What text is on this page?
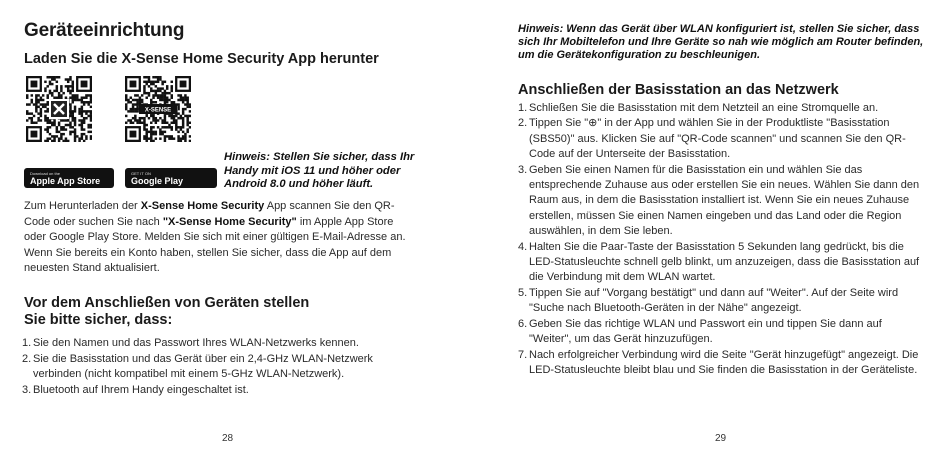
Geräteeinrichtung
Laden Sie die X-Sense Home Security App herunter
X-SENSE
Download on the
Apple App Store
GET IT ON
Google Play
Hinweis: Stellen Sie sicher, dass Ihr Handy mit iOS 11 und höher oder Android 8.0 und höher läuft.
Zum Herunterladen der X-Sense Home Security App scannen Sie den QR-Code oder suchen Sie nach "X-Sense Home Security" im Apple App Store oder Google Play Store. Melden Sie sich mit einer gültigen E-Mail-Adresse an. Wenn Sie bereits ein Konto haben, stellen Sie sicher, dass die App auf dem neuesten Stand aktualisiert.
Vor dem Anschließen von Geräten stellen
Sie bitte sicher, dass:
1. Sie den Namen und das Passwort Ihres WLAN-Netzwerks kennen.
2. Sie die Basisstation und das Gerät über ein 2,4-GHz WLAN-Netzwerk verbinden (nicht kompatibel mit einem 5-GHz WLAN-Netzwerk).
3. Bluetooth auf Ihrem Handy eingeschaltet ist.
28
Hinweis: Wenn das Gerät über WLAN konfiguriert ist, stellen Sie sicher, dass sich Ihr Mobiltelefon und Ihre Geräte so nah wie möglich am Router befinden, um die Gerätekonfiguration zu beschleunigen.
Anschließen der Basisstation an das Netzwerk
1. Schließen Sie die Basisstation mit dem Netzteil an eine Stromquelle an.
2. Tippen Sie "⊕" in der App und wählen Sie in der Produktliste "Basisstation (SBS50)" aus. Klicken Sie auf "QR-Code scannen" und scannen Sie den QR-Code auf der Unterseite der Basisstation.
3. Geben Sie einen Namen für die Basisstation ein und wählen Sie das entsprechende Zuhause aus oder erstellen Sie ein neues. Wählen Sie dann den Raum aus, in dem die Basisstation installiert ist. Wenn Sie ein neues Zuhause erstellen, müssen Sie einen Namen eingeben und das Land oder die Region auswählen, in dem Sie leben.
4. Halten Sie die Paar-Taste der Basisstation 5 Sekunden lang gedrückt, bis die LED-Statusleuchte schnell gelb blinkt, um anzuzeigen, dass die Basisstation auf die Verbindung mit dem WLAN wartet.
5. Tippen Sie auf "Vorgang bestätigt" und dann auf "Weiter". Auf der Seite wird "Suche nach Bluetooth-Geräten in der Nähe" angezeigt.
6. Geben Sie das richtige WLAN und Passwort ein und tippen Sie dann auf "Weiter", um das Gerät hinzuzufügen.
7. Nach erfolgreicher Verbindung wird die Seite "Gerät hinzugefügt" angezeigt. Die LED-Statusleuchte bleibt blau und Sie finden die Basisstation in der Geräteliste.
29
